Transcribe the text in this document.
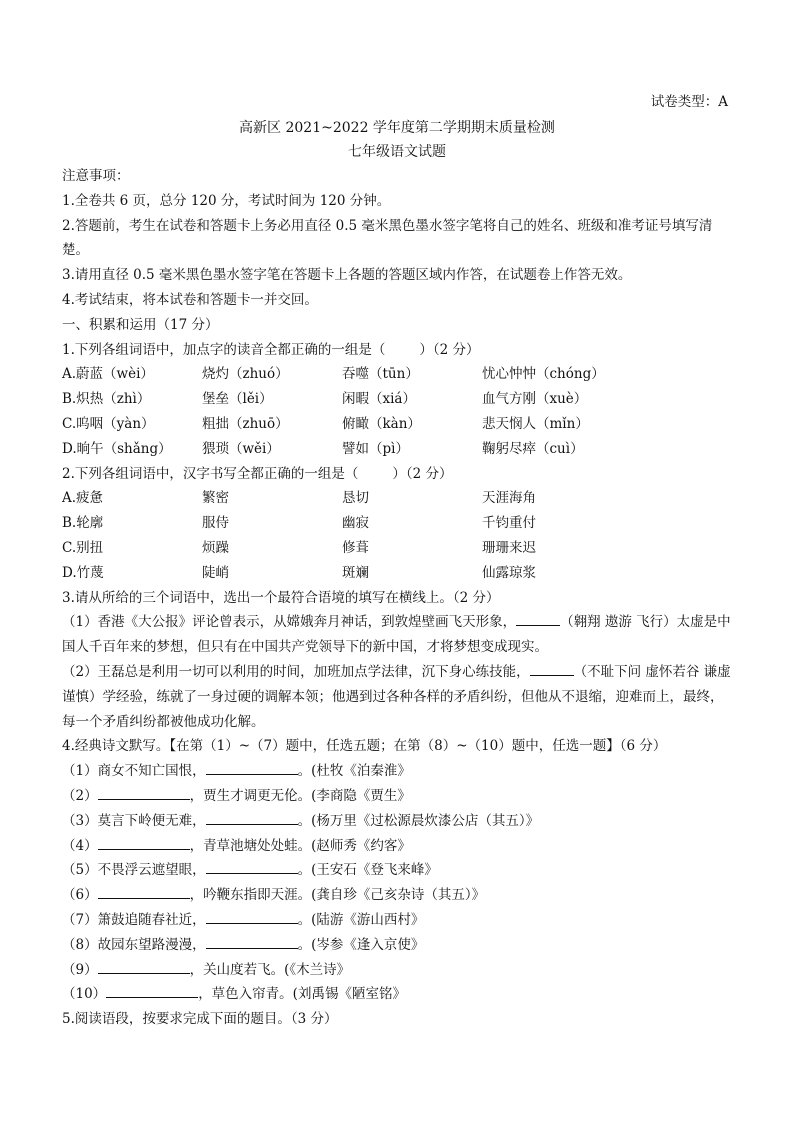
试卷类型：A
高新区 2021~2022 学年度第二学期期末质量检测
七年级语文试题
注意事项：
1.全卷共 6 页，总分 120 分，考试时间为 120 分钟。
2.答题前，考生在试卷和答题卡上务必用直径 0.5 毫米黑色墨水签字笔将自己的姓名、班级和准考证号填写清楚。
3.请用直径 0.5 毫米黑色墨水签字笔在答题卡上各题的答题区域内作答，在试题卷上作答无效。
4.考试结束，将本试卷和答题卡一并交回。
一、积累和运用（17 分）
1.下列各组词语中，加点字的读音全都正确的一组是（	）（2 分）
A.蔚蓝（wèi）	烧灼（zhuó）	吞噬（tūn）	忧心忡忡（chóng）
B.炽热（zhì）	堡垒（lěi）	闲暇（xiá）	血气方刚（xuè）
C.呜咽（yàn）	粗拙（zhuō）	俯瞰（kàn）	悲天悯人（mǐn）
D.晌午（shǎng）	猥琐（wěi）	譬如（pì）	鞠躬尽瘁（cuì）
2.下列各组词语中，汉字书写全都正确的一组是（	）（2 分）
A.疲惫	繁密	恳切	天涯海角
B.轮廓	服侍	幽寂	千钧重付
C.别扭	烦躁	修葺	珊珊来迟
D.竹蔑	陡峭	斑斓	仙露琼浆
3.请从所给的三个词语中，选出一个最符合语境的填写在横线上。（2 分）
（1）香港《大公报》评论曾表示，从嫦娥奔月神话，到敦煌壁画飞天形象，	（翱翔 遨游 飞行）太虚是中国人千百年来的梦想，但只有在中国共产党领导下的新中国，才将梦想变成现实。
（2）王磊总是利用一切可以利用的时间，加班加点学法律，沉下身心练技能，	（不耻下问 虚怀若谷 谦虚谨慎）学经验，练就了一身过硬的调解本领；他遇到过各种各样的矛盾纠纷，但他从不退缩，迎难而上，最终，每一个矛盾纠纷都被他成功化解。
4.经典诗文默写。【在第（1）~（7）题中，任选五题；在第（8）~（10）题中，任选一题】（6 分）
（1）商女不知亡国恨，	。(杜牧《泊秦淮》
（2）	，贾生才调更无伦。(李商隐《贾生》
（3）莫言下岭便无难，	。(杨万里《过松源晨炊漆公店（其五）》
（4）	，青草池塘处处蛙。(赵师秀《约客》
（5）不畏浮云遮望眼，	。(王安石《登飞来峰》
（6）	，吟鞭东指即天涯。(龚自珍《己亥杂诗（其五）》
（7）箫鼓追随春社近，	。(陆游《游山西村》
（8）故园东望路漫漫，	。(岑参《逢入京使》
（9）	，关山度若飞。(《木兰诗》
（10）	，草色入帘青。(刘禹锡《陋室铭》
5.阅读语段，按要求完成下面的题目。（3 分）
